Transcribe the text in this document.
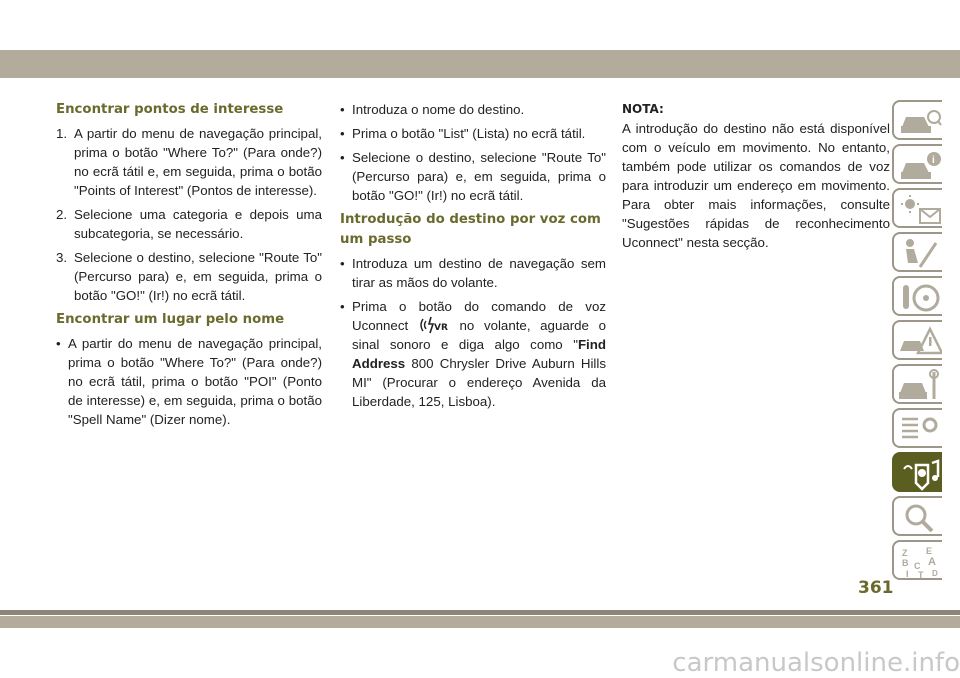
Encontrar pontos de interesse
1. A partir do menu de navegação principal, prima o botão "Where To?" (Para onde?) no ecrã tátil e, em seguida, prima o botão "Points of Interest" (Pontos de interesse).

2. Selecione uma categoria e depois uma subcategoria, se necessário.

3. Selecione o destino, selecione "Route To" (Percurso para) e, em seguida, prima o botão "GO!" (Ir!) no ecrã tátil.

Encontrar um lugar pelo nome
• A partir do menu de navegação principal, prima o botão "Where To?" (Para onde?) no ecrã tátil, prima o botão "POI" (Ponto de interesse) e, em seguida, prima o botão "Spell Name" (Dizer nome).

• Introduza o nome do destino.

• Prima o botão "List" (Lista) no ecrã tátil.

• Selecione o destino, selecione "Route To" (Percurso para) e, em seguida, prima o botão "GO!" (Ir!) no ecrã tátil.

Introdução do destino por voz com um passo
• Introduza um destino de navegação sem tirar as mãos do volante.

• Prima o botão do comando de voz Uconnect	VR no volante, aguarde o sinal sonoro e diga algo como "Find Address 800 Chrysler Drive Auburn Hills MI" (Procurar o endereço Avenida da Liberdade, 125, Lisboa).

NOTA:

A introdução do destino não está disponível com o veículo em movimento. No entanto, também pode utilizar os comandos de voz para introduzir um endereço em movimento. Para obter mais informações, consulte "Sugestões rápidas de reconhecimento Uconnect" nesta secção.

i
Z E
B A
C
D
I T
361
carmanualsonline.info
